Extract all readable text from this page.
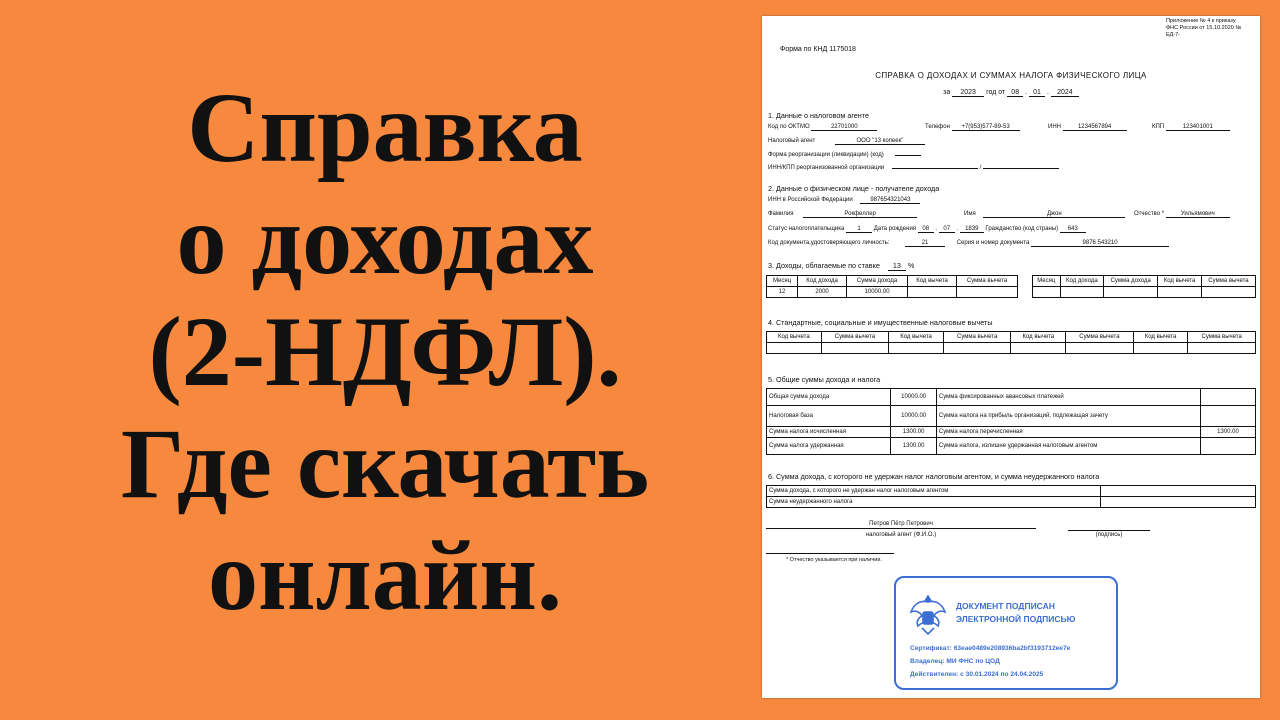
Справка
о доходах
(2-НДФЛ).
Где скачать
онлайн.
Приложение № 4 к приказу ФНС России от 15.10.2020 № ЕД-7-
Форма по КНД 1175018
СПРАВКА О ДОХОДАХ И СУММАХ НАЛОГА ФИЗИЧЕСКОГО ЛИЦА
за 2023 год от 08 . 01 . 2024
1. Данные о налоговом агенте
Код по ОКТМО	22701000	Телефон +7(953)577-89-53	ИНН	1234567894	КПП	123401001
Налоговый агент	ООО "13 копеек"
Форма реорганизации (ликвидации) (код)
ИНН/КПП реорганизованной организации	/
2. Данные о физическом лице - получателе дохода
ИНН в Российской Федерации	987654321043
Фамилия	Рокфеллер	Имя	Джон	Отчество *	Уильямович
Статус налогоплательщика 1 Дата рождения 08 . 07 . 1839 Гражданство (код страны) 643
Код документа,удостоверяющего личность:	21	Серия и номер документа	9876 543210
3. Доходы, облагаемые по ставке 13 %
Месяц	Код дохода	Сумма дохода	Код вычета	Сумма вычета
12	2000	10000.00		
Месяц	Код дохода	Сумма дохода	Код вычета	Сумма вычета

4. Стандартные, социальные и имущественные налоговые вычеты
Код вычета	Сумма вычета	Код вычета	Сумма вычета	Код вычета	Сумма вычета	Код вычета	Сумма вычета

5. Общие суммы дохода и налога
Общая сумма дохода	10000.00	Сумма фиксированных авансовых платежей	
Налоговая база	10000.00	Сумма налога на прибыль организаций, подлежащая зачету	
Сумма налога исчисленная	1300.00	Сумма налога перечисленная	1300.00
Сумма налога удержанная	1300.00	Сумма налога, излишне удержанная налоговым агентом	
6. Сумма дохода, с которого не удержан налог налоговым агентом, и сумма неудержанного налога
Сумма дохода, с которого не удержан налог налоговым агентом	
Сумма неудержанного налога	
Петров Пётр Петрович
налоговый агент (Ф.И.О.)	(подпись)
* Отчество указывается при наличии.
ДОКУМЕНТ ПОДПИСАН
ЭЛЕКТРОННОЙ ПОДПИСЬЮ
Сертификат: 63eae0489e208936ba2bf3193712ee7e
Владелец: МИ ФНС по ЦОД
Действителен: с 30.01.2024 по 24.04.2025
